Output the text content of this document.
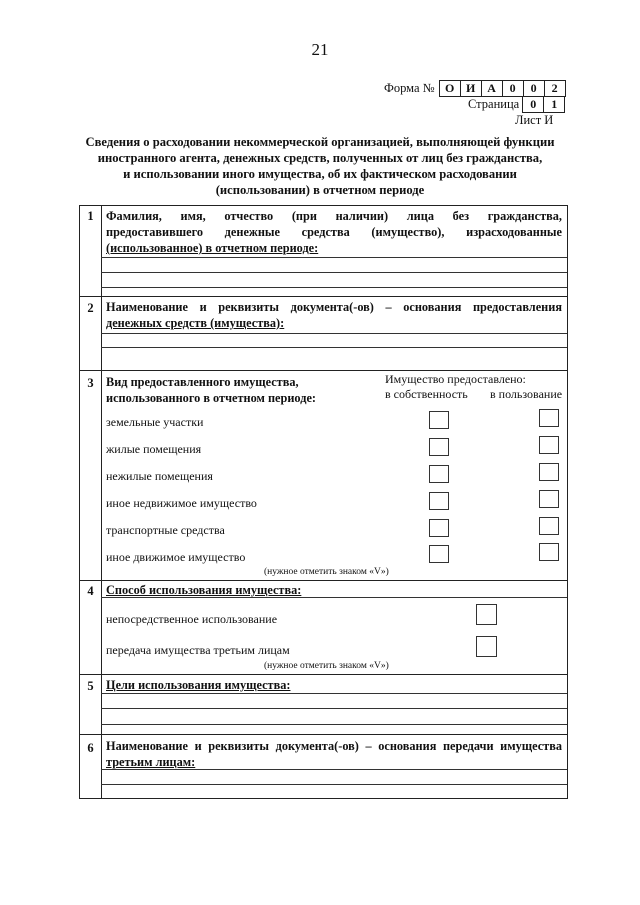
21
Форма № О И А	0	0	2
Страница 0	1
Лист И
Сведения о расходовании некоммерческой организацией, выполняющей функции
иностранного агента, денежных средств, полученных от лиц без гражданства,
и использовании иного имущества, об их фактическом расходовании
(использовании) в отчетном периоде
1	Фамилия, имя, отчество (при наличии) лица без гражданства,
предоставившего денежные средства (имущество), израсходованные
(использованное) в отчетном периоде:
2	Наименование и реквизиты документа(-ов) – основания предоставления
денежных средств (имущества):
3	Вид предоставленного имущества,
использованного в отчетном периоде:
Имущество предоставлено:
в собственность в пользование
земельные участки
жилые помещения
нежилые помещения
иное недвижимое имущество
транспортные средства
иное движимое имущество
(нужное отметить знаком «V»)
4	Способ использования имущества:
непосредственное использование
передача имущества третьим лицам
(нужное отметить знаком «V»)
5	Цели использования имущества:
6	Наименование и реквизиты документа(-ов) – основания передачи имущества
третьим лицам:
